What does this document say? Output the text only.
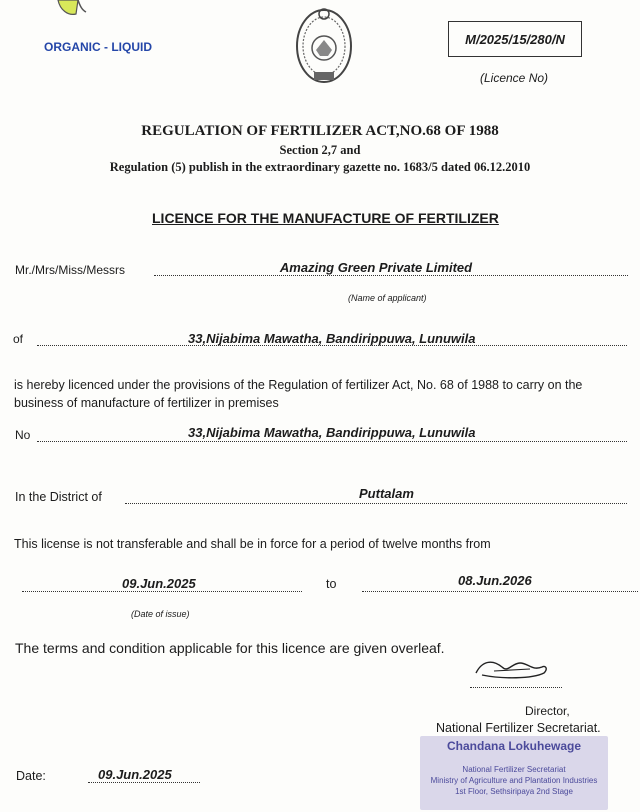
ORGANIC - LIQUID
M/2025/15/280/N
(Licence No)
REGULATION OF FERTILIZER ACT,NO.68 OF 1988
Section 2,7 and
Regulation (5) publish in the extraordinary gazette no. 1683/5 dated 06.12.2010
LICENCE FOR THE MANUFACTURE OF FERTILIZER
Mr./Mrs/Miss/Messrs	Amazing Green Private Limited
(Name of applicant)
of	33,Nijabima Mawatha, Bandirippuwa, Lunuwila
is hereby licenced under the provisions of the Regulation of fertilizer Act, No. 68 of 1988 to carry on the business of manufacture of fertilizer in premises
No	33,Nijabima Mawatha, Bandirippuwa, Lunuwila
In the District of	Puttalam
This license is not transferable and shall be in force for a period of twelve months from
09.Jun.2025	to	08.Jun.2026
(Date of issue)
The terms and condition applicable for this licence are given overleaf.
Director,
National Fertilizer Secretariat.
Chandana Lokuhewage
National Fertilizer Secretariat
Ministry of Agriculture and Plantation Industries
1st Floor, Sethsiripaya 2nd Stage
Date:	09.Jun.2025
